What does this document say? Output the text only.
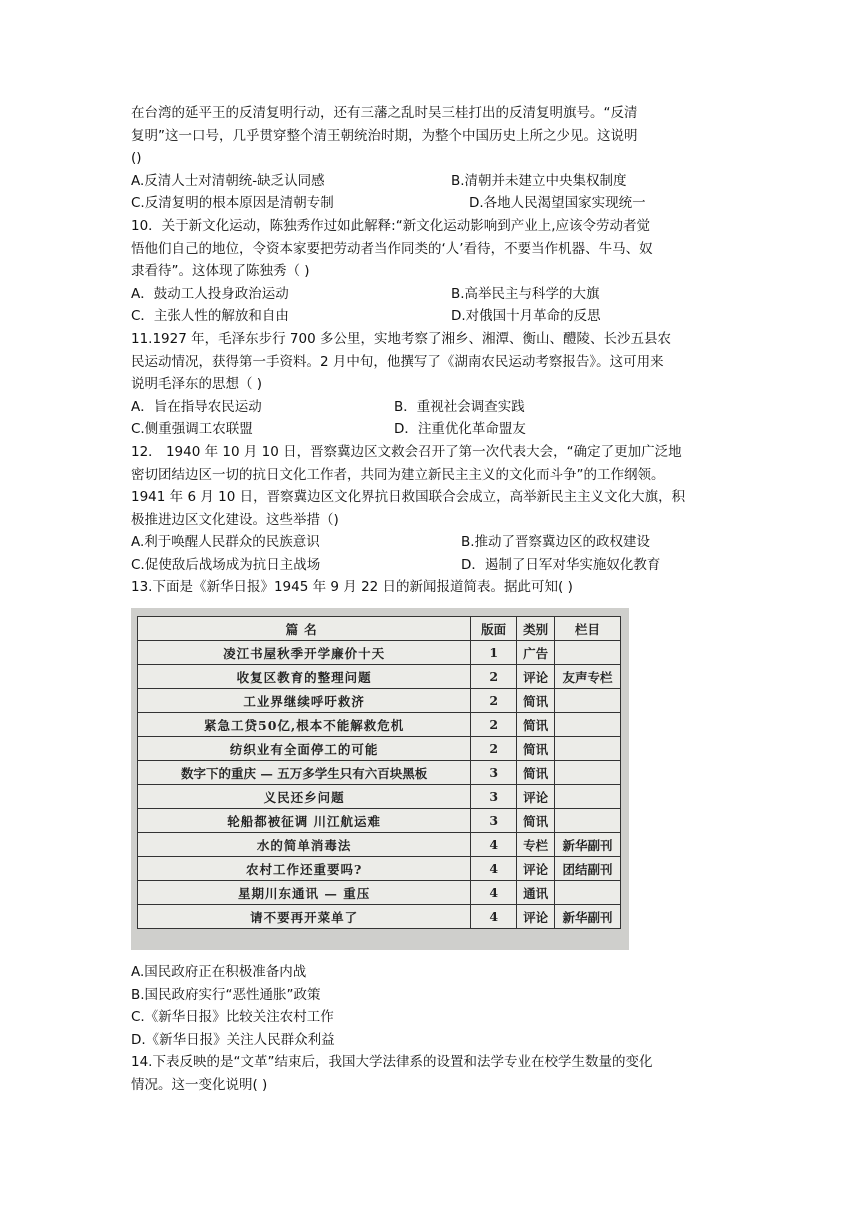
在台湾的延平王的反清复明行动，还有三藩之乱时吴三桂打出的反清复明旗号。“反清
复明”这一口号，几乎贯穿整个清王朝统治时期，为整个中国历史上所之少见。这说明
()
A.反清人士对清朝统-缺乏认同感	B.清朝并未建立中央集权制度
C.反清复明的根本原因是清朝专制	D.各地人民渴望国家实现统一
10．关于新文化运动，陈独秀作过如此解释:“新文化运动影响到产业上,应该令劳动者觉
悟他们自己的地位，令资本家要把劳动者当作同类的‘人’看待，不要当作机器、牛马、奴
隶看待”。这体现了陈独秀（ )
A．鼓动工人投身政治运动	B.高举民主与科学的大旗
C．主张人性的解放和自由	D.对俄国十月革命的反思
11.1927 年，毛泽东步行 700 多公里，实地考察了湘乡、湘潭、衡山、醴陵、长沙五县农
民运动情况，获得第一手资料。2 月中旬，他撰写了《湖南农民运动考察报告》。这可用来
说明毛泽东的思想（ )
A．旨在指导农民运动	B．重视社会调查实践
C.侧重强调工农联盟	D．注重优化革命盟友
12． 1940 年 10 月 10 日，晋察冀边区文救会召开了第一次代表大会，“确定了更加广泛地
密切团结边区一切的抗日文化工作者，共同为建立新民主主义的文化而斗争”的工作纲领。
1941 年 6 月 10 日，晋察冀边区文化界抗日救国联合会成立，高举新民主主义文化大旗，积
极推进边区文化建设。这些举措（)
A.利于唤醒人民群众的民族意识	B.推动了晋察冀边区的政权建设
C.促使敌后战场成为抗日主战场	D．遏制了日军对华实施奴化教育
13.下面是《新华日报》1945 年 9 月 22 日的新闻报道简表。据此可知( )
篇名	版面	类别	栏目
凌江书屋秋季开学廉价十天	1	广告	
收复区教育的整理问题	2	评论	友声专栏
工业界继续呼吁救济	2	简讯	
紧急工贷50亿,根本不能解救危机	2	简讯	
纺织业有全面停工的可能	2	简讯	
数字下的重庆 — 五万多学生只有六百块黑板	3	简讯	
义民还乡问题	3	评论	
轮船都被征调 川江航运难	3	简讯	
水的简单消毒法	4	专栏	新华副刊
农村工作还重要吗?	4	评论	团结副刊
星期川东通讯 — 重压	4	通讯	
请不要再开菜单了	4	评论	新华副刊
A.国民政府正在积极准备内战
B.国民政府实行“恶性通胀”政策
C.《新华日报》比较关注农村工作
D.《新华日报》关注人民群众利益
14.下表反映的是“文革”结束后，我国大学法律系的设置和法学专业在校学生数量的变化
情况。这一变化说明( )
